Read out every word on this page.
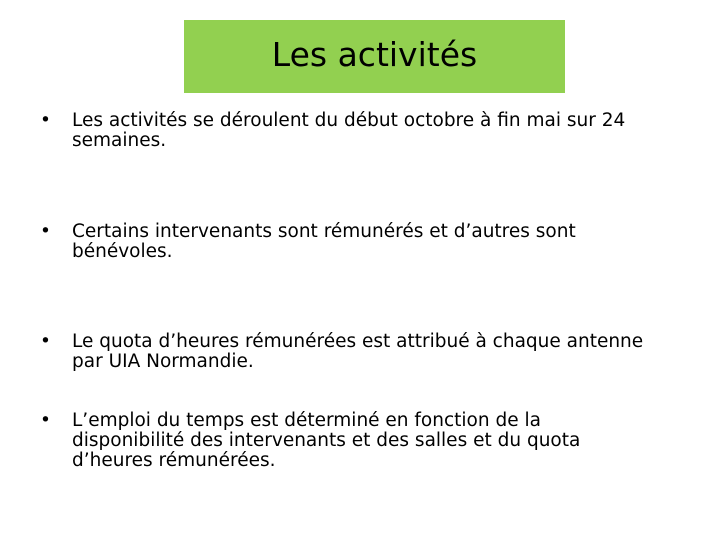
Les activités
•	Les activités se déroulent du début octobre à fin mai sur 24
semaines.
•	Certains intervenants sont rémunérés et d’autres sont
bénévoles.
•	Le quota d’heures rémunérées est attribué à chaque antenne
par UIA Normandie.
•	L’emploi du temps est déterminé en fonction de la
disponibilité des intervenants et des salles et du quota
d’heures rémunérées.
